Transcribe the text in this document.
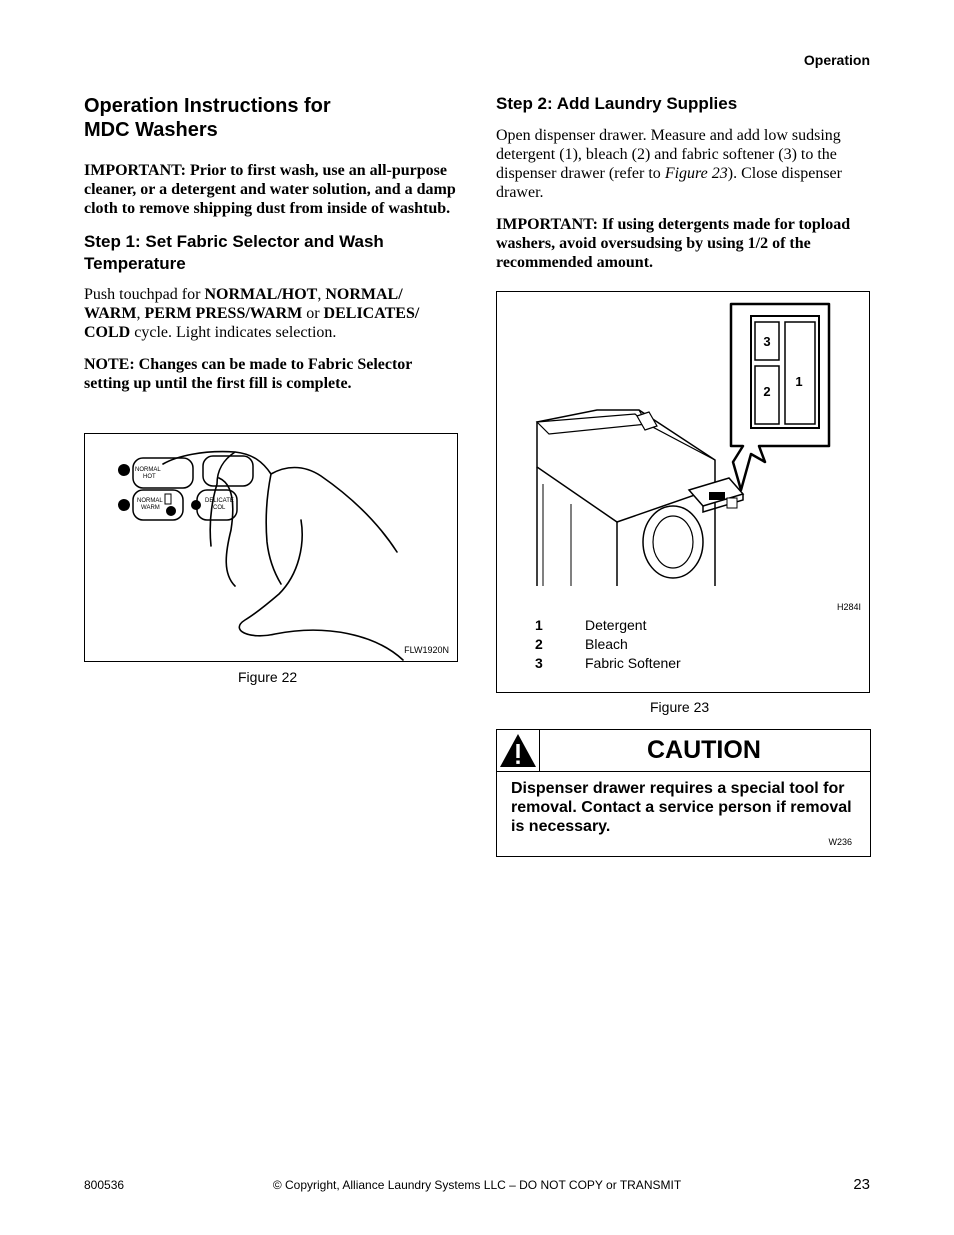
Operation
Operation Instructions for
MDC Washers

IMPORTANT: Prior to first wash, use an all-purpose cleaner, or a detergent and water solution, and a damp cloth to remove shipping dust from inside of washtub.

Step 1: Set Fabric Selector and Wash Temperature

Push touchpad for NORMAL/HOT, NORMAL/ WARM, PERM PRESS/WARM or DELICATES/ COLD cycle. Light indicates selection.

NOTE: Changes can be made to Fabric Selector setting up until the first fill is complete.

NORMAL
HOT
NORMAL
WARM
DELICATE
COL
FLW1920N
Figure 22
Step 2: Add Laundry Supplies

Open dispenser drawer. Measure and add low sudsing detergent (1), bleach (2) and fabric softener (3) to the dispenser drawer (refer to Figure 23). Close dispenser drawer.

IMPORTANT: If using detergents made for topload washers, avoid oversudsing by using 1/2 of the recommended amount.

3
2
1
H284I
1	Detergent
2	Bleach
3	Fabric Softener
Figure 23
CAUTION
Dispenser drawer requires a special tool for removal. Contact a service person if removal is necessary.
W236
800536	© Copyright, Alliance Laundry Systems LLC – DO NOT COPY or TRANSMIT	23
